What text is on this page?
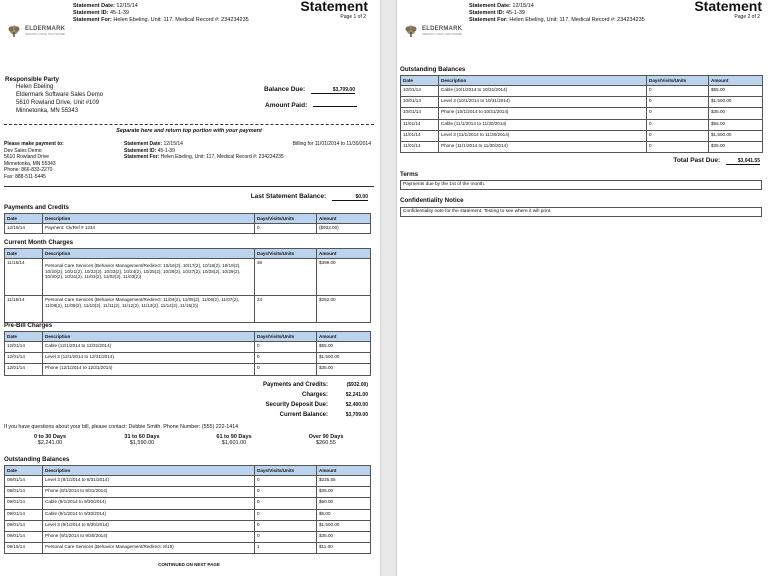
Statement Date: 12/15/14
Statement ID: 45-1-39
Statement For: Helen Ebeling, Unit: 117, Medical Record #: 234234235
Statement
Page 1 of 2
ELDERMARK
SENIOR LIVING SOFTWARE
Responsible Party
Helen Ebeling
Eldermark Software Sales Demo
5610 Rowland Drive, Unit #109
Minnetonka, MN 55343
Balance Due:	$3,709.00
Amount Paid:
Separate here and return top portion with your payment
Please make payment to:
Dev Sales Demo
5610 Rowland Drive
Minnetonka, MN 55343
Phone: 866-833-2270
Fax: 888-511-5445
Statement Date: 12/15/14
Statement ID: 45-1-39
Statement For: Helen Ebeling, Unit: 117, Medical Record #: 234234235
Billing for 11/01/2014 to 11/30/2014
Last Statement Balance:	$0.00
Payments and Credits
Date	Description	Days/Visits/Units	Amount
12/15/14	Payment: Ck/Ref # 1234	0	($932.00)
Current Month Charges
Date	Description	Days/Visits/Units	Amount
11/15/14	Personal Care Services (Behavior Management/Redirect: 10/16(2), 10/17(2), 10/18(2), 10/19(2), 10/20(2), 10/21(2), 10/22(2), 10/23(2), 10/24(2), 10/25(2), 10/26(2), 10/27(2), 10/28(2), 10/29(2), 10/30(2), 10/31(2), 11/01(2), 11/02(2), 11/03(2))	38	$399.00
11/15/14	Personal Care Services (Behavior Management/Redirect: 11/04(2), 11/05(2), 11/06(2), 11/07(2), 11/08(2), 11/09(2), 11/10(2), 11/11(2), 11/12(2), 11/13(2), 11/14(2), 11/15(2))	24	$252.00
Pre-Bill Charges
Date	Description	Days/Visits/Units	Amount
12/01/14	Cable (12/1/2014 to 12/31/2014)	0	$55.00
12/01/14	Level 3 (12/1/2014 to 12/31/2014)	0	$1,500.00
12/01/14	Phone (12/1/2014 to 12/31/2014)	0	$35.00
Payments and Credits:	($932.00)
Charges:	$2,241.00
Security Deposit Due:	$2,400.00
Current Balance:	$3,709.00
If you have questions about your bill, please contact: Debbie Smith. Phone Number: (555) 222-1414
0 to 30 Days
$2,241.00
31 to 60 Days
$1,590.00
61 to 90 Days
$1,601.00
Over 90 Days
$260.55
Outstanding Balances
Date	Description	Days/Visits/Units	Amount
08/01/14	Level 3 (8/1/2014 to 8/31/2014)	0	$225.55
08/01/14	Phone (8/1/2014 to 8/31/2014)	0	$35.00
09/01/14	Cable (9/1/2014 to 9/30/2014)	0	$50.00
09/01/14	Cable (9/1/2014 to 9/30/2014)	0	$5.00
09/01/14	Level 3 (9/1/2014 to 9/30/2014)	0	$1,500.00
09/01/14	Phone (9/1/2014 to 9/30/2014)	0	$35.00
09/15/14	Personal Care Services (Behavior Management/Redirect: 8/19)	1	$11.00
CONTINUED ON NEXT PAGE
Statement Date: 12/15/14
Statement ID: 45-1-39
Statement For: Helen Ebeling, Unit: 117, Medical Record #: 234234235
Statement
Page 2 of 2
ELDERMARK
SENIOR LIVING SOFTWARE
Outstanding Balances
Date	Description	Days/Visits/Units	Amount
10/01/14	Cable (10/1/2014 to 10/31/2014)	0	$55.00
10/01/14	Level 3 (10/1/2014 to 10/31/2014)	0	$1,500.00
10/01/14	Phone (10/1/2014 to 10/31/2014)	0	$35.00
11/01/14	Cable (11/1/2014 to 11/30/2014)	0	$55.00
11/01/14	Level 3 (11/1/2014 to 11/30/2014)	0	$1,500.00
11/01/14	Phone (11/1/2014 to 11/30/2014)	0	$35.00
Total Past Due:	$3,041.55
Terms
Payments due by the 1st of the month.
Confidentiality Notice
Confidentiality note for the statement. Testing to see where it will print.
